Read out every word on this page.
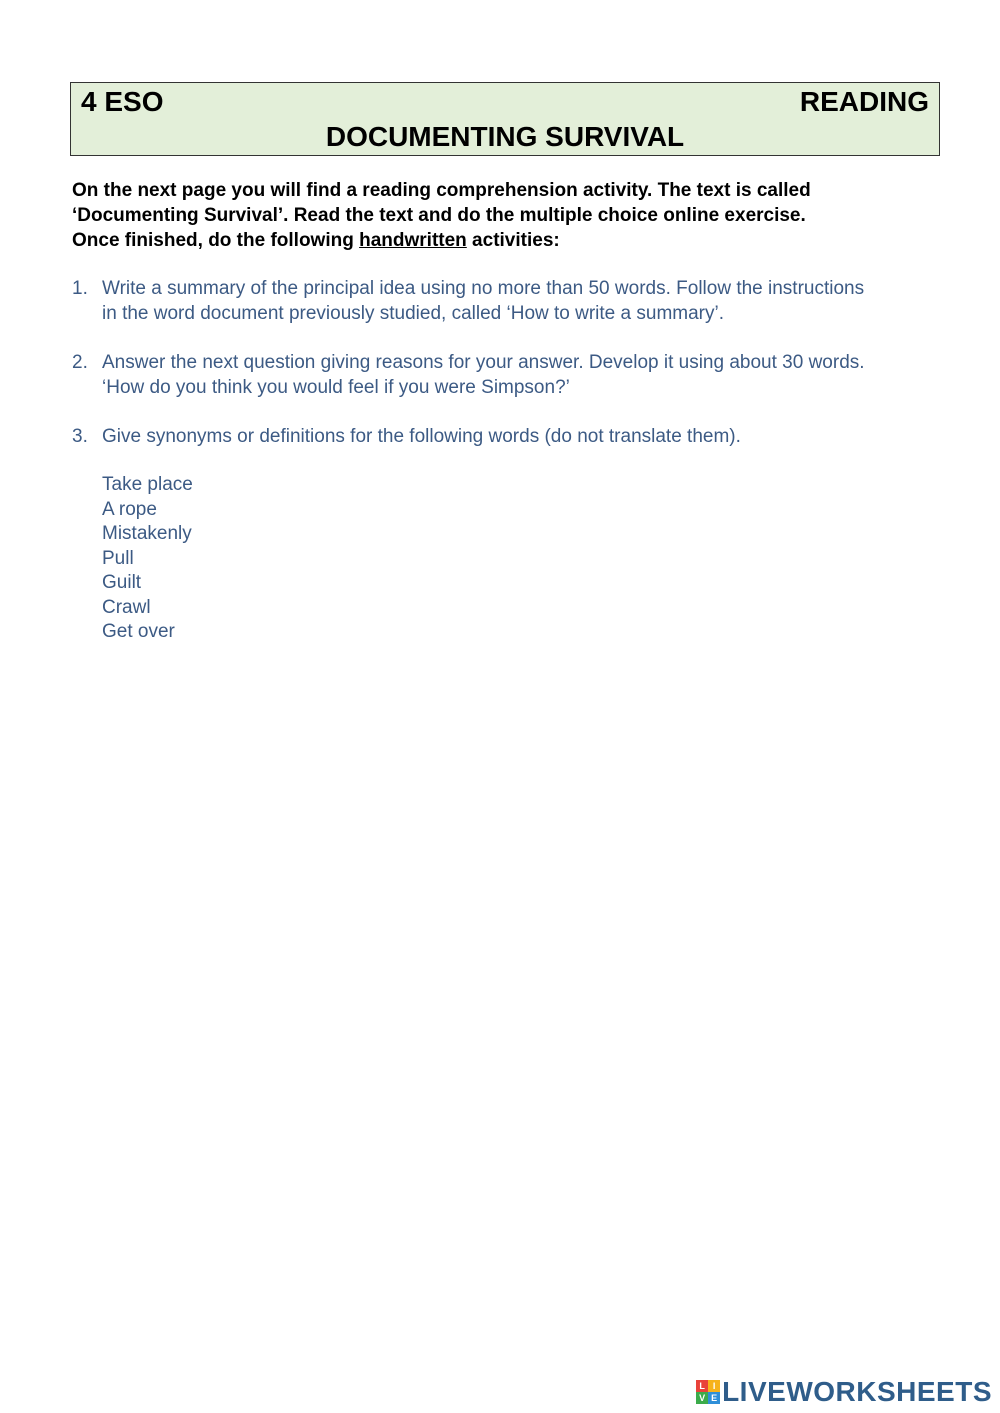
4 ESO	READING
DOCUMENTING SURVIVAL
On the next page you will find a reading comprehension activity. The text is called
‘Documenting Survival’. Read the text and do the multiple choice online exercise.
Once finished, do the following handwritten activities:
1. Write a summary of the principal idea using no more than 50 words. Follow the instructions
in the word document previously studied, called ‘How to write a summary’.
2. Answer the next question giving reasons for your answer. Develop it using about 30 words.
‘How do you think you would feel if you were Simpson?’
3. Give synonyms or definitions for the following words (do not translate them).
Take place
A rope
Mistakenly
Pull
Guilt
Crawl
Get over
L I
V E LIVEWORKSHEETS
